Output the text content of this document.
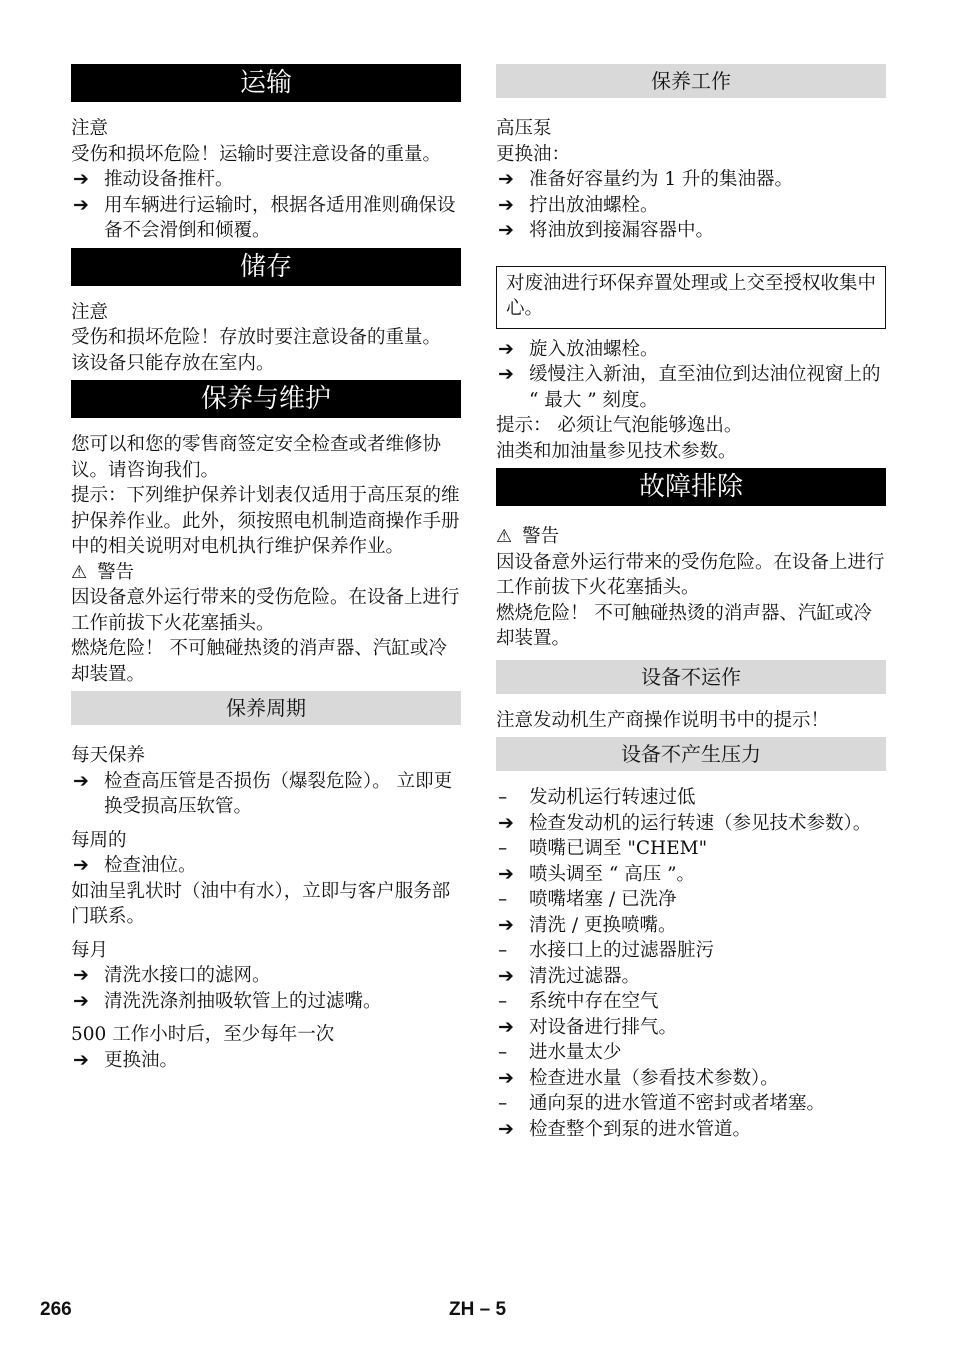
运输
注意
受伤和损坏危险！运输时要注意设备的重量。
➔ 推动设备推杆。
➔ 用车辆进行运输时，根据各适用准则确保设备不会滑倒和倾覆。
储存
注意
受伤和损坏危险！存放时要注意设备的重量。
该设备只能存放在室内。
保养与维护
您可以和您的零售商签定安全检查或者维修协议。请咨询我们。
提示：下列维护保养计划表仅适用于高压泵的维护保养作业。此外，须按照电机制造商操作手册中的相关说明对电机执行维护保养作业。
⚠ 警告
因设备意外运行带来的受伤危险。在设备上进行工作前拔下火花塞插头。
燃烧危险！ 不可触碰热烫的消声器、汽缸或冷却装置。
保养周期
每天保养
➔ 检查高压管是否损伤（爆裂危险）。 立即更换受损高压软管。
每周的
➔ 检查油位。
如油呈乳状时（油中有水），立即与客户服务部门联系。
每月
➔ 清洗水接口的滤网。
➔ 清洗洗涤剂抽吸软管上的过滤嘴。
500 工作小时后，至少每年一次
➔ 更换油。
保养工作
高压泵
更换油：
➔ 准备好容量约为 1 升的集油器。
➔ 拧出放油螺栓。
➔ 将油放到接漏容器中。
对废油进行环保弃置处理或上交至授权收集中心。
➔ 旋入放油螺栓。
➔ 缓慢注入新油，直至油位到达油位视窗上的 “ 最大 ” 刻度。
提示： 必须让气泡能够逸出。
油类和加油量参见技术参数。
故障排除
⚠ 警告
因设备意外运行带来的受伤危险。在设备上进行工作前拔下火花塞插头。
燃烧危险！ 不可触碰热烫的消声器、汽缸或冷却装置。
设备不运作
注意发动机生产商操作说明书中的提示！
设备不产生压力
– 发动机运行转速过低
➔ 检查发动机的运行转速（参见技术参数）。
– 喷嘴已调至 "CHEM"
➔ 喷头调至 “ 高压 ”。
– 喷嘴堵塞 / 已洗净
➔ 清洗 / 更换喷嘴。
– 水接口上的过滤器脏污
➔ 清洗过滤器。
– 系统中存在空气
➔ 对设备进行排气。
– 进水量太少
➔ 检查进水量（参看技术参数）。
– 通向泵的进水管道不密封或者堵塞。
➔ 检查整个到泵的进水管道。
266	ZH – 5
